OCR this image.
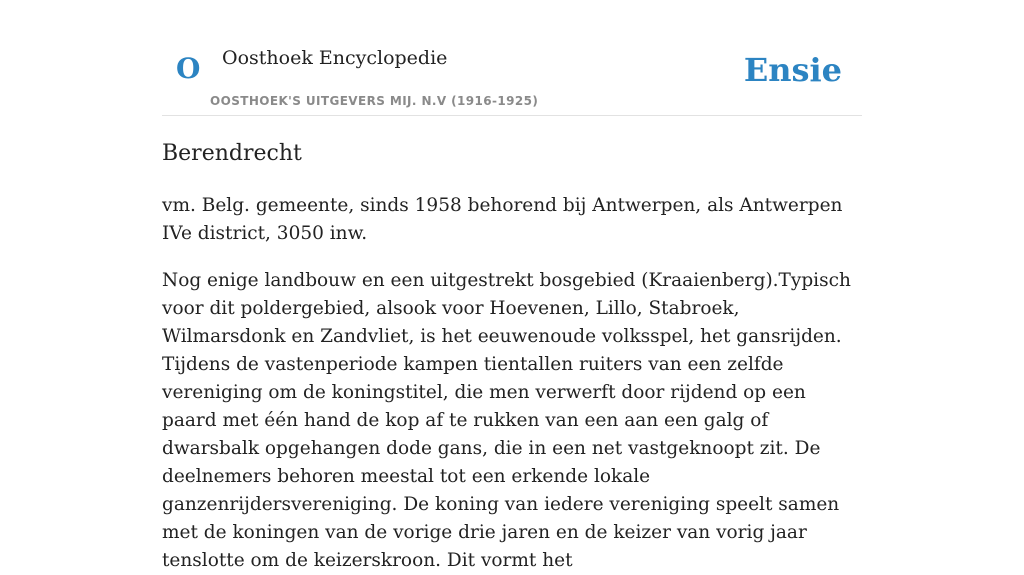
O Oosthoek Encyclopedie
OOSTHOEK'S UITGEVERS MIJ. N.V (1916-1925)
Ensie
Berendrecht

vm. Belg. gemeente, sinds 1958 behorend bij Antwerpen, als Antwerpen IVe district, 3050 inw.

Nog enige landbouw en een uitgestrekt bosgebied (Kraaienberg).Typisch voor dit poldergebied, alsook voor Hoevenen, Lillo, Stabroek, Wilmarsdonk en Zandvliet, is het eeuwenoude volksspel, het gansrijden. Tijdens de vastenperiode kampen tientallen ruiters van een zelfde vereniging om de koningstitel, die men verwerft door rijdend op een paard met één hand de kop af te rukken van een aan een galg of dwarsbalk opgehangen dode gans, die in een net vastgeknoopt zit. De deelnemers behoren meestal tot een erkende lokale ganzenrijdersvereniging. De koning van iedere vereniging speelt samen met de koningen van de vorige drie jaren en de keizer van vorig jaar tenslotte om de keizerskroon. Dit vormt het
